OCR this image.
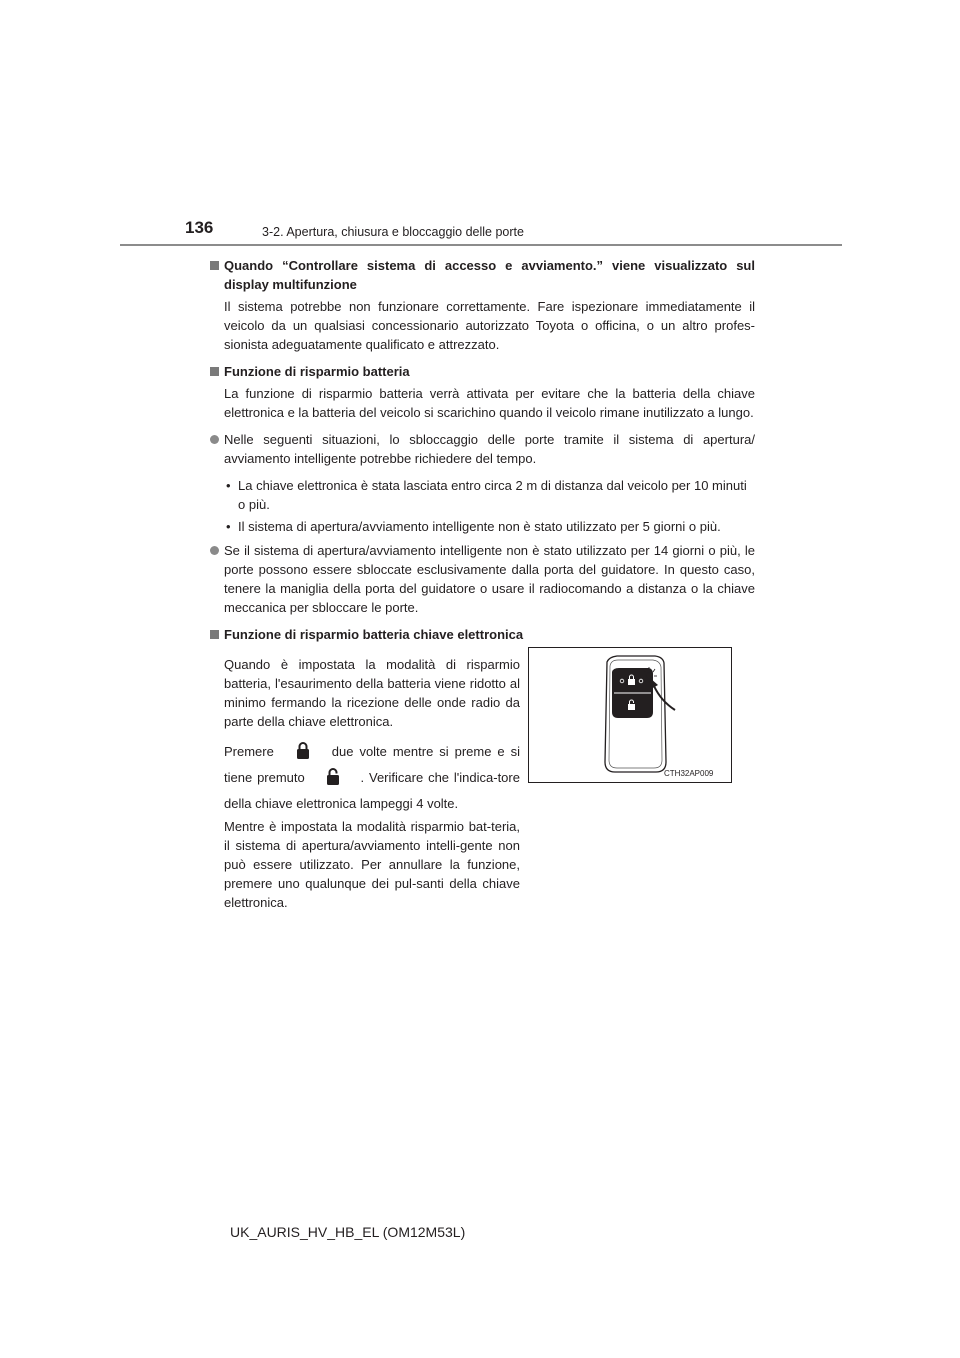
136	3-2. Apertura, chiusura e bloccaggio delle porte
Quando “Controllare sistema di accesso e avviamento.” viene visualizzato sul display multifunzione
Il sistema potrebbe non funzionare correttamente. Fare ispezionare immediatamente il veicolo da un qualsiasi concessionario autorizzato Toyota o officina, o un altro profes-sionista adeguatamente qualificato e attrezzato.
Funzione di risparmio batteria
La funzione di risparmio batteria verrà attivata per evitare che la batteria della chiave elettronica e la batteria del veicolo si scarichino quando il veicolo rimane inutilizzato a lungo.
Nelle seguenti situazioni, lo sbloccaggio delle porte tramite il sistema di apertura/ avviamento intelligente potrebbe richiedere del tempo.
• La chiave elettronica è stata lasciata entro circa 2 m di distanza dal veicolo per 10 minuti o più.
• Il sistema di apertura/avviamento intelligente non è stato utilizzato per 5 giorni o più.
Se il sistema di apertura/avviamento intelligente non è stato utilizzato per 14 giorni o più, le porte possono essere sbloccate esclusivamente dalla porta del guidatore. In questo caso, tenere la maniglia della porta del guidatore o usare il radiocomando a distanza o la chiave meccanica per sbloccare le porte.
Funzione di risparmio batteria chiave elettronica
Quando è impostata la modalità di risparmio batteria, l'esaurimento della batteria viene ridotto al minimo fermando la ricezione delle onde radio da parte della chiave elettronica.
Premere	due volte mentre si preme e si tiene premuto	. Verificare che l'indica-tore della chiave elettronica lampeggi 4 volte.
Mentre è impostata la modalità risparmio bat-teria, il sistema di apertura/avviamento intelli-gente non può essere utilizzato. Per annullare la funzione, premere uno qualunque dei pul-santi della chiave elettronica.
CTH32AP009
UK_AURIS_HV_HB_EL (OM12M53L)
